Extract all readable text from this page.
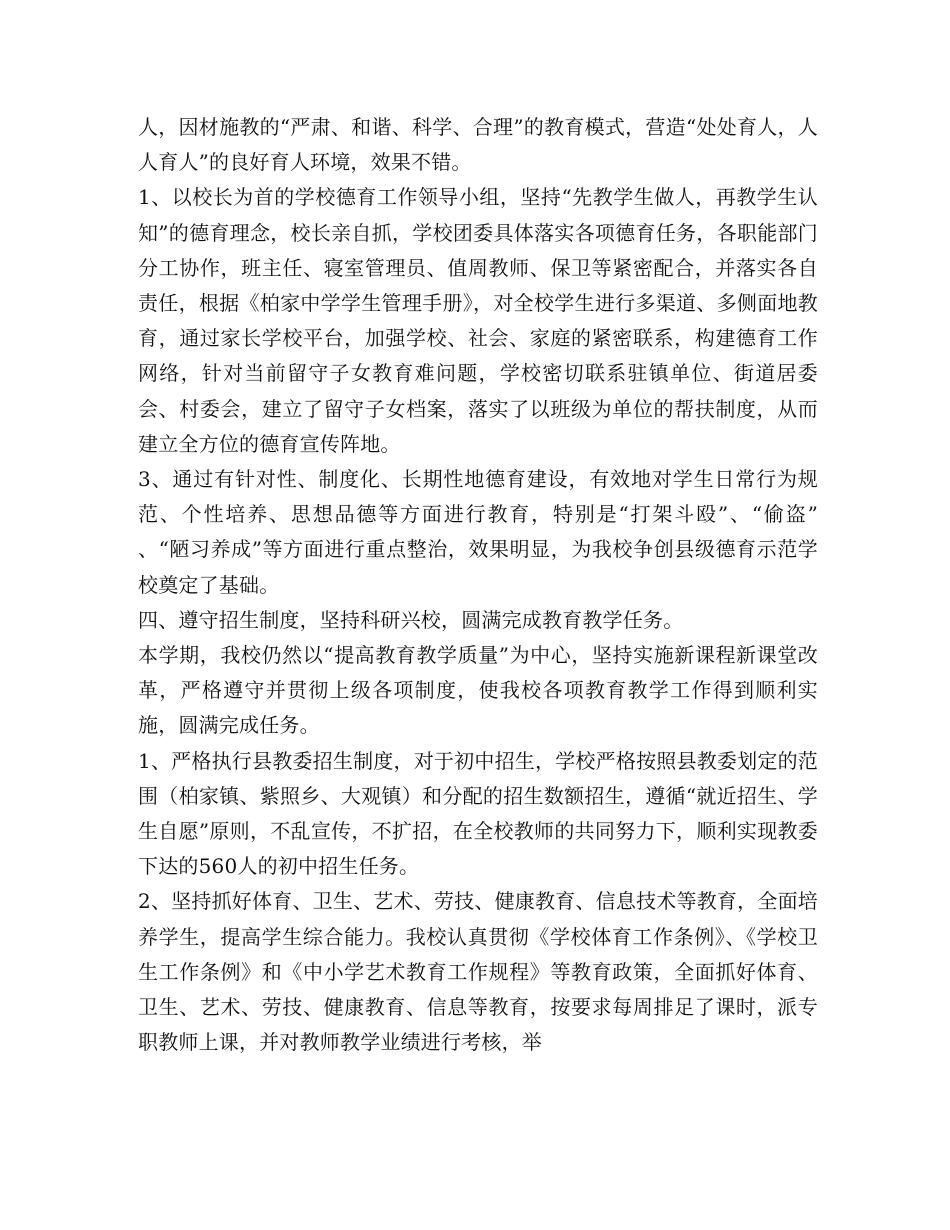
人，因材施教的“严肃、和谐、科学、合理”的教育模式，营造“处处育人，人人育人”的良好育人环境，效果不错。

1、以校长为首的学校德育工作领导小组，坚持“先教学生做人，再教学生认知”的德育理念，校长亲自抓，学校团委具体落实各项德育任务，各职能部门分工协作，班主任、寝室管理员、值周教师、保卫等紧密配合，并落实各自责任，根据《柏家中学学生管理手册》，对全校学生进行多渠道、多侧面地教育，通过家长学校平台，加强学校、社会、家庭的紧密联系，构建德育工作网络，针对当前留守子女教育难问题，学校密切联系驻镇单位、街道居委会、村委会，建立了留守子女档案，落实了以班级为单位的帮扶制度，从而建立全方位的德育宣传阵地。

3、通过有针对性、制度化、长期性地德育建设，有效地对学生日常行为规范、个性培养、思想品德等方面进行教育，特别是“打架斗殴”、“偷盗” 、“陋习养成”等方面进行重点整治，效果明显，为我校争创县级德育示范学校奠定了基础。

四、遵守招生制度，坚持科研兴校，圆满完成教育教学任务。

本学期，我校仍然以“提高教育教学质量”为中心，坚持实施新课程新课堂改革，严格遵守并贯彻上级各项制度，使我校各项教育教学工作得到顺利实施，圆满完成任务。

1、严格执行县教委招生制度，对于初中招生，学校严格按照县教委划定的范围（柏家镇、紫照乡、大观镇）和分配的招生数额招生，遵循“就近招生、学生自愿”原则，不乱宣传，不扩招，在全校教师的共同努力下，顺利实现教委下达的560人的初中招生任务。

2、坚持抓好体育、卫生、艺术、劳技、健康教育、信息技术等教育，全面培养学生，提高学生综合能力。我校认真贯彻《学校体育工作条例》、《学校卫生工作条例》和《中小学艺术教育工作规程》等教育政策，全面抓好体育、卫生、艺术、劳技、健康教育、信息等教育，按要求每周排足了课时，派专职教师上课，并对教师教学业绩进行考核，举
